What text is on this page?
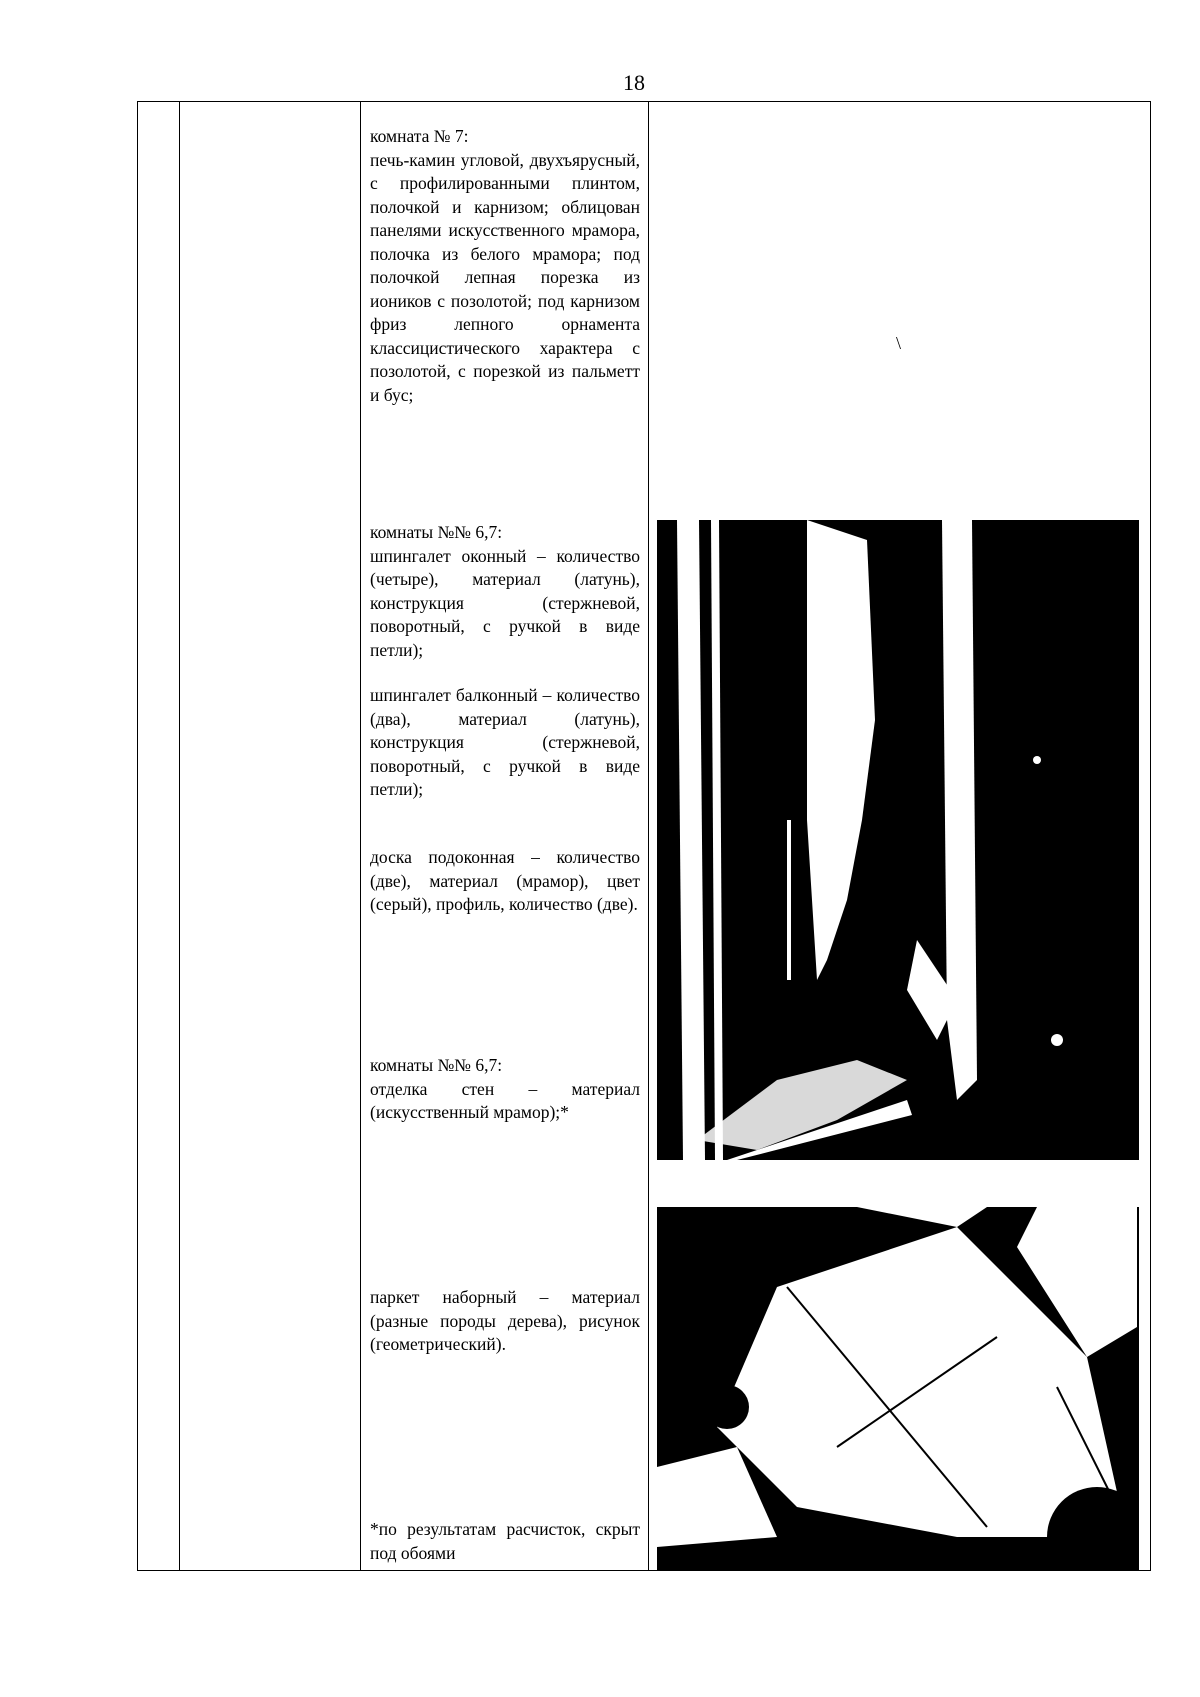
18

комната № 7:

печь-камин угловой, двухъярусный, с профилированными плинтом, полочкой и карнизом; облицован панелями искусственного мрамора, полочка из белого мрамора; под полочкой лепная порезка из иоников с позолотой; под карнизом фриз лепного орнамента классицистического характера с позолотой, с порезкой из пальметт и бус;

комнаты №№ 6,7:

шпингалет оконный – количество (четыре), материал (латунь), конструкция (стержневой, поворотный, с ручкой в виде петли);

шпингалет балконный – количество (два), материал (латунь), конструкция (стержневой, поворотный, с ручкой в виде петли);

доска подоконная – количество (две), материал (мрамор), цвет (серый), профиль, количество (две).

комнаты №№ 6,7:

отделка стен – материал (искусственный мрамор);*

паркет наборный – материал (разные породы дерева), рисунок (геометрический).

*по результатам расчисток, скрыт под обоями

\
